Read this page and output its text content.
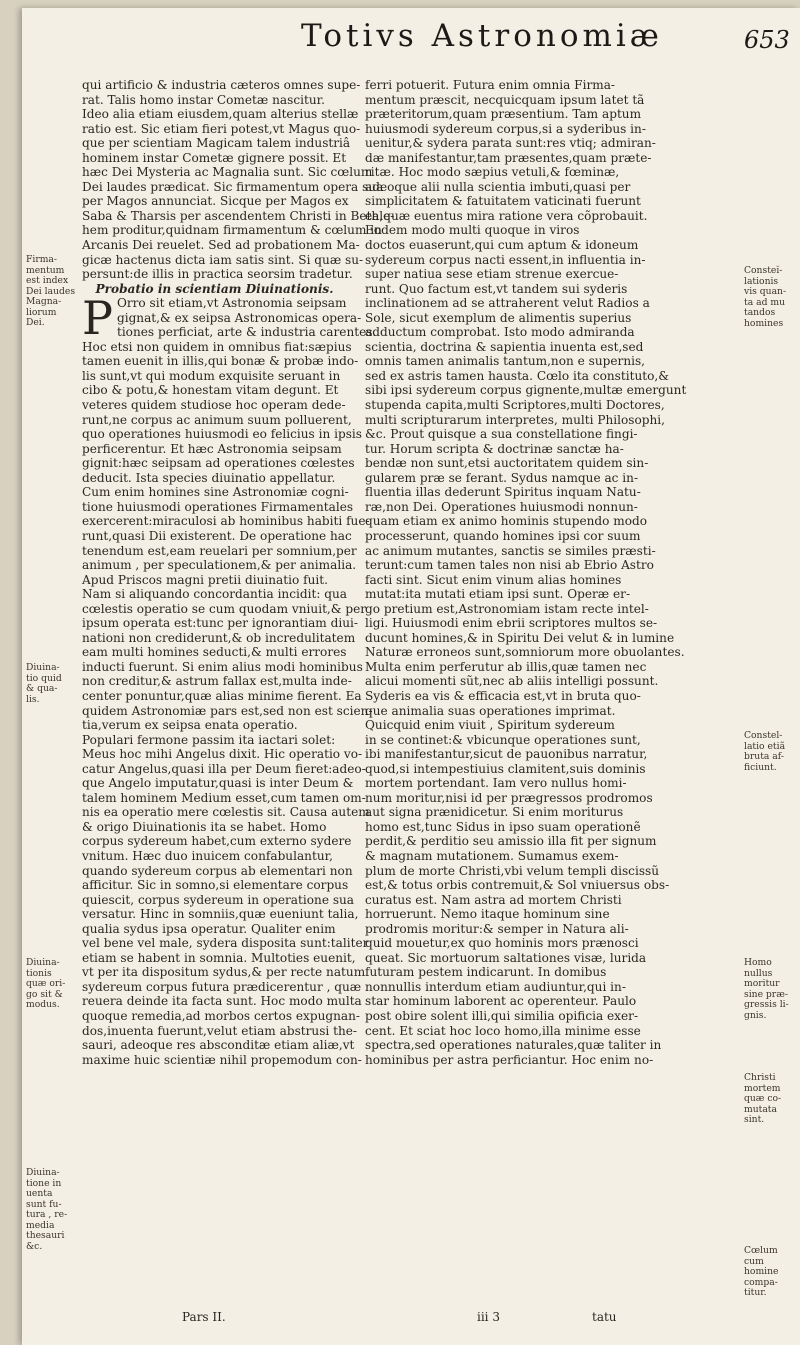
Totivs Astronomiæ	653
qui artificio & industria cæteros omnes supe-
rat. Talis homo instar Cometæ nascitur.
Ideo alia etiam eiusdem,quam alterius stellæ
ratio est. Sic etiam fieri potest,vt Magus quo-
que per scientiam Magicam talem industriâ
hominem instar Cometæ gignere possit. Et
hæc Dei Mysteria ac Magnalia sunt. Sic cœlum
Dei laudes prædicat. Sic firmamentum opera sua
per Magos annunciat. Sicque per Magos ex
Saba & Tharsis per ascendentem Christi in Bethle-
hem proditur,quidnam firmamentum & cœlum in
Arcanis Dei reuelet. Sed ad probationem Ma-
gicæ hactenus dicta iam satis sint. Si quæ su-
persunt:de illis in practica seorsim tradetur.
Probatio in scientiam Diuinationis.
P Orro sit etiam,vt Astronomia seipsam
gignat,& ex seipsa Astronomicas opera-
tiones perficiat, arte & industria carentes.
Hoc etsi non quidem in omnibus fiat:sæpius
tamen euenit in illis,qui bonæ & probæ indo-
lis sunt,vt qui modum exquisite seruant in
cibo & potu,& honestam vitam degunt. Et
veteres quidem studiose hoc operam dede-
runt,ne corpus ac animum suum polluerent,
quo operationes huiusmodi eo felicius in ipsis
perficerentur. Et hæc Astronomia seipsam
gignit:hæc seipsam ad operationes cœlestes
deducit. Ista species diuinatio appellatur.
Cum enim homines sine Astronomiæ cogni-
tione huiusmodi operationes Firmamentales
exercerent:miraculosi ab hominibus habiti fue-
runt,quasi Dii existerent. De operatione hac
tenendum est,eam reuelari per somnium,per
animum , per speculationem,& per animalia.
Apud Priscos magni pretii diuinatio fuit.
Nam si aliquando concordantia incidit: qua
cœlestis operatio se cum quodam vniuit,& per
ipsum operata est:tunc per ignorantiam diui-
nationi non crediderunt,& ob incredulitatem
eam multi homines seducti,& multi errores
inducti fuerunt. Si enim alius modi hominibus
non creditur,& astrum fallax est,multa inde-
center ponuntur,quæ alias minime fierent. Ea
quidem Astronomiæ pars est,sed non est scien-
tia,verum ex seipsa enata operatio.
Populari fermone passim ita iactari solet:
Meus hoc mihi Angelus dixit. Hic operatio vo-
catur Angelus,quasi illa per Deum fieret:adeo-
que Angelo imputatur,quasi is inter Deum &
talem hominem Medium esset,cum tamen om-
nis ea operatio mere cœlestis sit. Causa autem
& origo Diuinationis ita se habet. Homo
corpus sydereum habet,cum externo sydere
vnitum. Hæc duo inuicem confabulantur,
quando sydereum corpus ab elementari non
afficitur. Sic in somno,si elementare corpus
quiescit, corpus sydereum in operatione sua
versatur. Hinc in somniis,quæ eueniunt talia,
qualia sydus ipsa operatur. Qualiter enim
vel bene vel male, sydera disposita sunt:taliter
etiam se habent in somnia. Multoties euenit,
vt per ita dispositum sydus,& per recte natum
sydereum corpus futura prædicerentur , quæ
reuera deinde ita facta sunt. Hoc modo multa
quoque remedia,ad morbos certos expugnan-
dos,inuenta fuerunt,velut etiam abstrusi the-
sauri, adeoque res absconditæ etiam aliæ,vt
maxime huic scientiæ nihil propemodum con-
ferri potuerit. Futura enim omnia Firma-
mentum præscit, necquicquam ipsum latet tã
præteritorum,quam præsentium. Tam aptum
huiusmodi sydereum corpus,si a syderibus in-
uenitur,& sydera parata sunt:res vtiq; admiran-
dæ manifestantur,tam præsentes,quam præte-
ritæ. Hoc modo sæpius vetuli,& fœminæ,
adeoque alii nulla scientia imbuti,quasi per
simplicitatem & fatuitatem vaticinati fuerunt
ea,quæ euentus mira ratione vera cõprobauit.
Eodem modo multi quoque in viros
doctos euaserunt,qui cum aptum & idoneum
sydereum corpus nacti essent,in influentia in-
super natiua sese etiam strenue exercue-
runt. Quo factum est,vt tandem sui syderis
inclinationem ad se attraherent velut Radios a
Sole, sicut exemplum de alimentis superius
adductum comprobat. Isto modo admiranda
scientia, doctrina & sapientia inuenta est,sed
omnis tamen animalis tantum,non e supernis,
sed ex astris tamen hausta. Cœlo ita constituto,&
sibi ipsi sydereum corpus gignente,multæ emergunt
stupenda capita,multi Scriptores,multi Doctores,
multi scripturarum interpretes, multi Philosophi,
&c. Prout quisque a sua constellatione fingi-
tur. Horum scripta & doctrinæ sanctæ ha-
bendæ non sunt,etsi auctoritatem quidem sin-
gularem præ se ferant. Sydus namque ac in-
fluentia illas dederunt Spiritus inquam Natu-
ræ,non Dei. Operationes huiusmodi nonnun-
quam etiam ex animo hominis stupendo modo
processerunt, quando homines ipsi cor suum
ac animum mutantes, sanctis se similes præsti-
terunt:cum tamen tales non nisi ab Ebrio Astro
facti sint. Sicut enim vinum alias homines
mutat:ita mutati etiam ipsi sunt. Operæ er-
go pretium est,Astronomiam istam recte intel-
ligi. Huiusmodi enim ebrii scriptores multos se-
ducunt homines,& in Spiritu Dei velut & in lumine
Naturæ erroneos sunt,somniorum more obuolantes.
Multa enim perferutur ab illis,quæ tamen nec
alicui momenti sũt,nec ab aliis intelligi possunt.
Syderis ea vis & efficacia est,vt in bruta quo-
que animalia suas operationes imprimat.
Quicquid enim viuit , Spiritum sydereum
in se continet:& vbicunque operationes sunt,
ibi manifestantur,sicut de pauonibus narratur,
quod,si intempestiuius clamitent,suis dominis
mortem portendant. Iam vero nullus homi-
num moritur,nisi id per prægressos prodromos
aut signa prænidicetur. Si enim moriturus
homo est,tunc Sidus in ipso suam operationẽ
perdit,& perditio seu amissio illa fit per signum
& magnam mutationem. Sumamus exem-
plum de morte Christi,vbi velum templi discissũ
est,& totus orbis contremuit,& Sol vniuersus obs-
curatus est. Nam astra ad mortem Christi
horruerunt. Nemo itaque hominum sine
prodromis moritur:& semper in Natura ali-
quid mouetur,ex quo hominis mors prænosci
queat. Sic mortuorum saltationes visæ, lurida
futuram pestem indicarunt. In domibus
nonnullis interdum etiam audiuntur,qui in-
star hominum laborent ac operenteur. Paulo
post obire solent illi,qui similia opificia exer-
cent. Et sciat hoc loco homo,illa minime esse
spectra,sed operationes naturales,quæ taliter in
hominibus per astra perficiantur. Hoc enim no-
Pars II.	iii 3	tatu
Firma-
mentum
est index
Dei laudes
Magna-
liorum
Dei.
Diuina-
tio quid
& qua-
lis.
Diuina-
tionis
quæ ori-
go sit &
modus.
Diuina-
tione in
uenta
sunt fu-
tura , re-
media
thesauri
&c.
Consteĭ-
lationis
vis quan-
ta ad mu
tandos
homines
Constel-
latio etiã
bruta af-
ficiunt.
Homo
nullus
moritur
sine præ-
gressis li-
gnis.
Christi
mortem
quæ co-
mutata
sint.
Cœlum
cum
homine
compa-
titur.
